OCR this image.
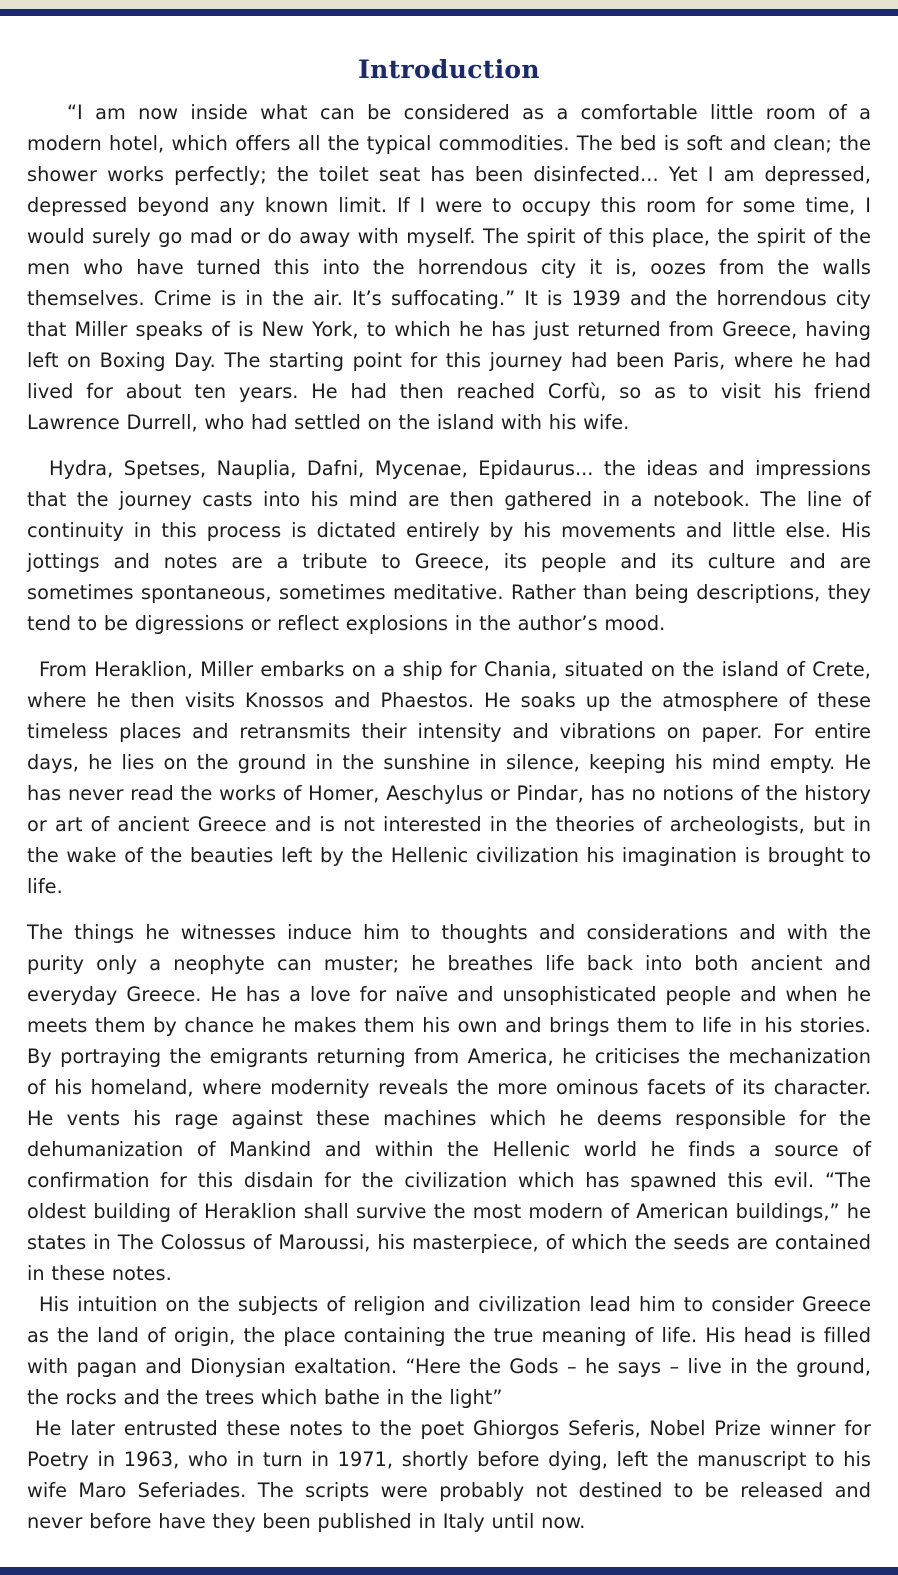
Introduction

“I am now inside what can be considered as a comfortable little room of a modern hotel, which offers all the typical commodities. The bed is soft and clean; the shower works perfectly; the toilet seat has been disinfected... Yet I am depressed, depressed beyond any known limit. If I were to occupy this room for some time, I would surely go mad or do away with myself. The spirit of this place, the spirit of the men who have turned this into the horrendous city it is, oozes from the walls themselves. Crime is in the air. It’s suffocating.” It is 1939 and the horrendous city that Miller speaks of is New York, to which he has just returned from Greece, having left on Boxing Day. The starting point for this journey had been Paris, where he had lived for about ten years. He had then reached Corfù, so as to visit his friend Lawrence Durrell, who had settled on the island with his wife.

Hydra, Spetses, Nauplia, Dafni, Mycenae, Epidaurus... the ideas and impressions that the journey casts into his mind are then gathered in a notebook. The line of continuity in this process is dictated entirely by his movements and little else. His jottings and notes are a tribute to Greece, its people and its culture and are sometimes spontaneous, sometimes meditative. Rather than being descriptions, they tend to be digressions or reflect explosions in the author’s mood.

From Heraklion, Miller embarks on a ship for Chania, situated on the island of Crete, where he then visits Knossos and Phaestos. He soaks up the atmosphere of these timeless places and retransmits their intensity and vibrations on paper. For entire days, he lies on the ground in the sunshine in silence, keeping his mind empty. He has never read the works of Homer, Aeschylus or Pindar, has no notions of the history or art of ancient Greece and is not interested in the theories of archeologists, but in the wake of the beauties left by the Hellenic civilization his imagination is brought to life.

The things he witnesses induce him to thoughts and considerations and with the purity only a neophyte can muster; he breathes life back into both ancient and everyday Greece. He has a love for naïve and unsophisticated people and when he meets them by chance he makes them his own and brings them to life in his stories. By portraying the emigrants returning from America, he criticises the mechanization of his homeland, where modernity reveals the more ominous facets of its character. He vents his rage against these machines which he deems responsible for the dehumanization of Mankind and within the Hellenic world he finds a source of confirmation for this disdain for the civilization which has spawned this evil. “The oldest building of Heraklion shall survive the most modern of American buildings,” he states in The Colossus of Maroussi, his masterpiece, of which the seeds are contained in these notes.

His intuition on the subjects of religion and civilization lead him to consider Greece as the land of origin, the place containing the true meaning of life. His head is filled with pagan and Dionysian exaltation. “Here the Gods – he says – live in the ground, the rocks and the trees which bathe in the light”

He later entrusted these notes to the poet Ghiorgos Seferis, Nobel Prize winner for Poetry in 1963, who in turn in 1971, shortly before dying, left the manuscript to his wife Maro Seferiades. The scripts were probably not destined to be released and never before have they been published in Italy until now.
